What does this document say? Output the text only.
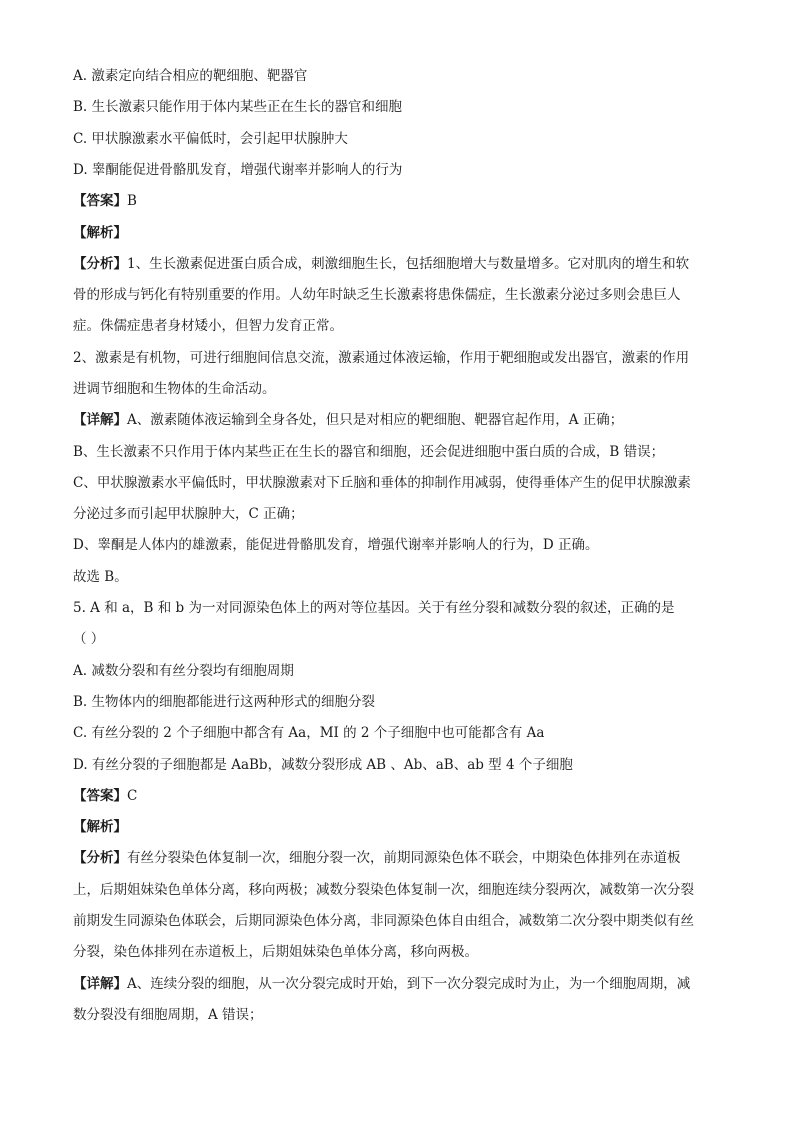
A. 激素定向结合相应的靶细胞、靶器官
B. 生长激素只能作用于体内某些正在生长的器官和细胞
C. 甲状腺激素水平偏低时，会引起甲状腺肿大
D. 睾酮能促进骨骼肌发育，增强代谢率并影响人的行为
【答案】B
【解析】
【分析】1、生长激素促进蛋白质合成，刺激细胞生长，包括细胞增大与数量增多。它对肌肉的增生和软
骨的形成与钙化有特别重要的作用。人幼年时缺乏生长激素将患侏儒症，生长激素分泌过多则会患巨人
症。侏儒症患者身材矮小，但智力发育正常。
2、激素是有机物，可进行细胞间信息交流，激素通过体液运输，作用于靶细胞或发出器官，激素的作用
进调节细胞和生物体的生命活动。
【详解】A、激素随体液运输到全身各处，但只是对相应的靶细胞、靶器官起作用，A 正确；
B、生长激素不只作用于体内某些正在生长的器官和细胞，还会促进细胞中蛋白质的合成，B 错误；
C、甲状腺激素水平偏低时，甲状腺激素对下丘脑和垂体的抑制作用减弱，使得垂体产生的促甲状腺激素
分泌过多而引起甲状腺肿大，C 正确；
D、睾酮是人体内的雄激素，能促进骨骼肌发育，增强代谢率并影响人的行为，D 正确。
故选 B。
5. A 和 a，B 和 b 为一对同源染色体上的两对等位基因。关于有丝分裂和减数分裂的叙述，正确的是
（ ）
A. 减数分裂和有丝分裂均有细胞周期
B. 生物体内的细胞都能进行这两种形式的细胞分裂
C. 有丝分裂的 2 个子细胞中都含有 Aa，MI 的 2 个子细胞中也可能都含有 Aa
D. 有丝分裂的子细胞都是 AaBb，减数分裂形成 AB 、Ab、aB、ab 型 4 个子细胞
【答案】C
【解析】
【分析】有丝分裂染色体复制一次，细胞分裂一次，前期同源染色体不联会，中期染色体排列在赤道板
上，后期姐妹染色单体分离，移向两极；减数分裂染色体复制一次，细胞连续分裂两次，减数第一次分裂
前期发生同源染色体联会，后期同源染色体分离，非同源染色体自由组合，减数第二次分裂中期类似有丝
分裂，染色体排列在赤道板上，后期姐妹染色单体分离，移向两极。
【详解】A、连续分裂的细胞，从一次分裂完成时开始，到下一次分裂完成时为止，为一个细胞周期，减
数分裂没有细胞周期，A 错误；
